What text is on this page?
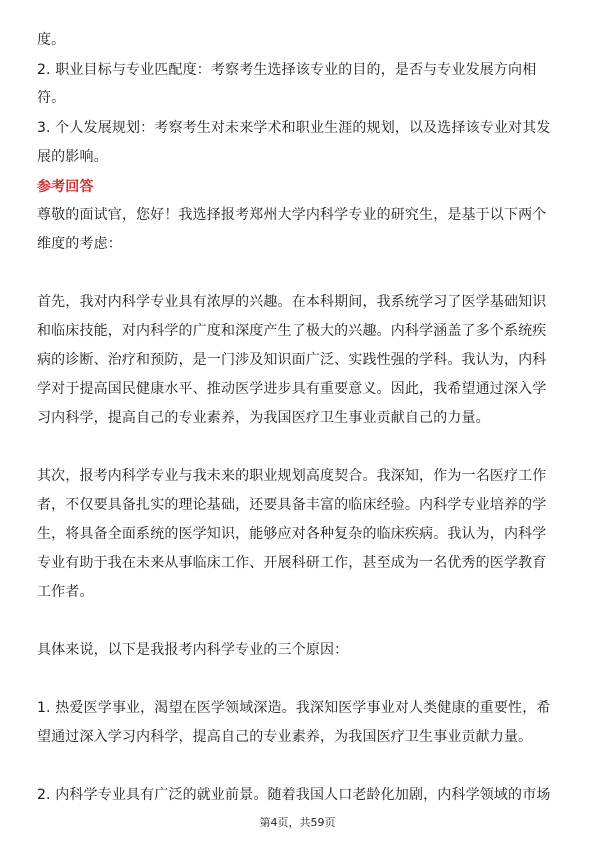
度。
2. 职业目标与专业匹配度：考察考生选择该专业的目的，是否与专业发展方向相
符。
3. 个人发展规划：考察考生对未来学术和职业生涯的规划，以及选择该专业对其发
展的影响。
参考回答
尊敬的面试官，您好！我选择报考郑州大学内科学专业的研究生，是基于以下两个
维度的考虑：
首先，我对内科学专业具有浓厚的兴趣。在本科期间，我系统学习了医学基础知识
和临床技能，对内科学的广度和深度产生了极大的兴趣。内科学涵盖了多个系统疾
病的诊断、治疗和预防，是一门涉及知识面广泛、实践性强的学科。我认为，内科
学对于提高国民健康水平、推动医学进步具有重要意义。因此，我希望通过深入学
习内科学，提高自己的专业素养，为我国医疗卫生事业贡献自己的力量。
其次，报考内科学专业与我未来的职业规划高度契合。我深知，作为一名医疗工作
者，不仅要具备扎实的理论基础，还要具备丰富的临床经验。内科学专业培养的学
生，将具备全面系统的医学知识，能够应对各种复杂的临床疾病。我认为，内科学
专业有助于我在未来从事临床工作、开展科研工作，甚至成为一名优秀的医学教育
工作者。
具体来说，以下是我报考内科学专业的三个原因：
1. 热爱医学事业，渴望在医学领域深造。我深知医学事业对人类健康的重要性，希
望通过深入学习内科学，提高自己的专业素养，为我国医疗卫生事业贡献力量。
2. 内科学专业具有广泛的就业前景。随着我国人口老龄化加剧，内科学领域的市场
第4页，共59页
